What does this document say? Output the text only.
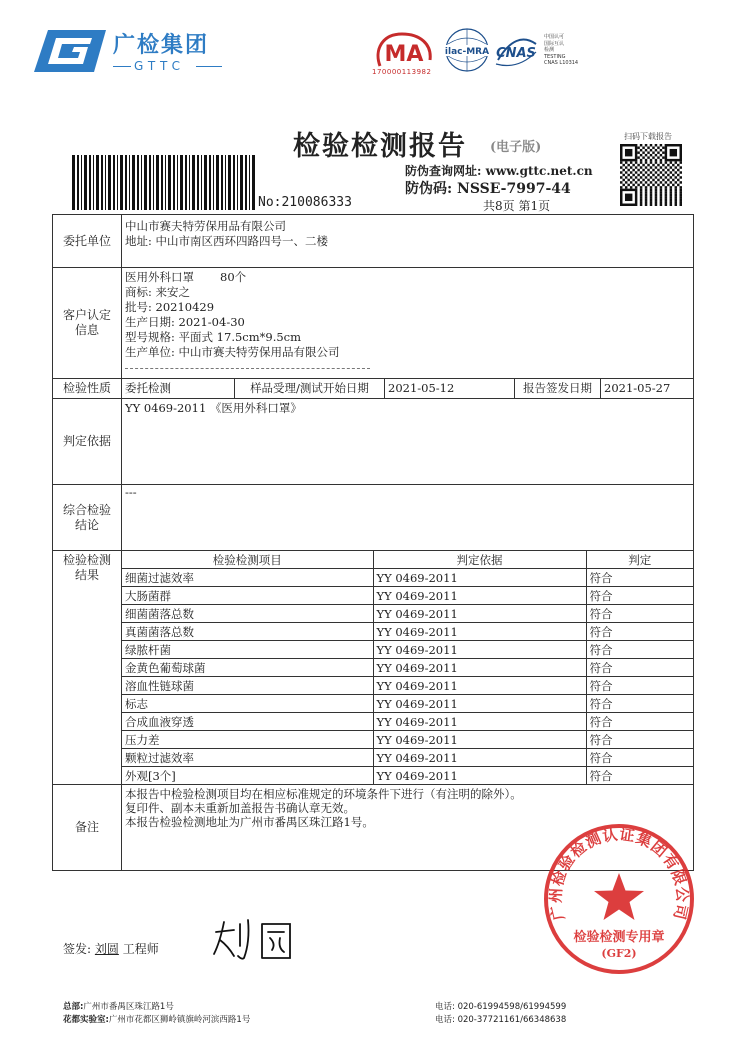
广检集团
GTTC	MA
170000113982
ilac-MRA CNAS
中国认可
国际互认
检测
TESTING
CNAS L10314
检验检测报告 (电子版)
防伪查询网址: www.gttc.net.cn
防伪码: NSSE-7997-44
共8页 第1页
No:210086333
扫码下载报告
委托单位	
中山市赛夫特劳保用品有限公司
地址: 中山市南区西环四路四号一、二楼

客户认定
信息

医用外科口罩 80个
商标: 来安之
批号: 20210429
生产日期: 2021-04-30
型号规格: 平面式 17.5cm*9.5cm
生产单位: 中山市赛夫特劳保用品有限公司

检验性质	委托检测	样品受理/测试开始日期	2021-05-12	报告签发日期	2021-05-27
判定依据	YY 0469-2011 《医用外科口罩》

综合检验
结论
	---

检验检测
结果

检验检测项目	判定依据	判定
细菌过滤效率	YY 0469-2011	符合
大肠菌群	YY 0469-2011	符合
细菌菌落总数	YY 0469-2011	符合
真菌菌落总数	YY 0469-2011	符合
绿脓杆菌	YY 0469-2011	符合
金黄色葡萄球菌	YY 0469-2011	符合
溶血性链球菌	YY 0469-2011	符合
标志	YY 0469-2011	符合
合成血液穿透	YY 0469-2011	符合
压力差	YY 0469-2011	符合
颗粒过滤效率	YY 0469-2011	符合
外观[3个]	YY 0469-2011	符合

备注	
本报告中检验检测项目均在相应标准规定的环境条件下进行（有注明的除外）。
复印件、副本未重新加盖报告书确认章无效。
本报告检验检测地址为广州市番禺区珠江路1号。
广州检验检测认证集团有限公司
检验检测专用章
(GF2)
签发: 刘圆 工程师
总部:广州市番禺区珠江路1号
花都实验室:广州市花都区狮岭镇旗岭河滨西路1号
电话: 020-61994598/61994599
电话: 020-37721161/66348638
